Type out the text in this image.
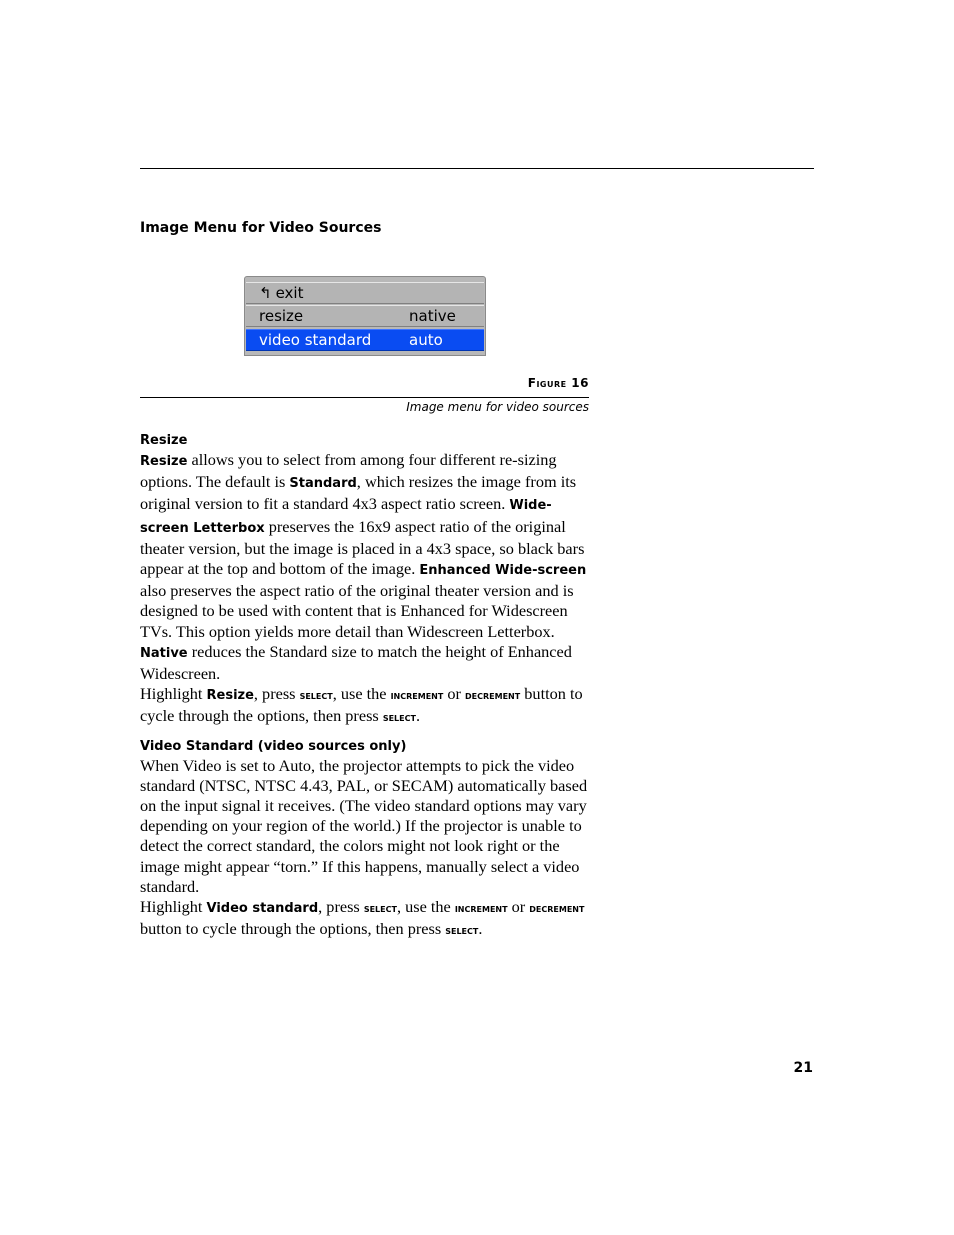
Image Menu for Video Sources
↰ exit
resize	native
video standard	auto
Figure 16
Image menu for video sources
Resize

Resize allows you to select from among four different re-sizing options. The default is Standard, which resizes the image from its original version to fit a standard 4x3 aspect ratio screen. Wide-screen Letterbox preserves the 16x9 aspect ratio of the original theater version, but the image is placed in a 4x3 space, so black bars appear at the top and bottom of the image. Enhanced Wide-screen also preserves the aspect ratio of the original theater version and is designed to be used with content that is Enhanced for Widescreen TVs. This option yields more detail than Widescreen Letterbox. Native reduces the Standard size to match the height of Enhanced Widescreen.

Highlight Resize, press select, use the increment or decrement button to cycle through the options, then press select.

Video Standard (video sources only)

When Video is set to Auto, the projector attempts to pick the video standard (NTSC, NTSC 4.43, PAL, or SECAM) automatically based on the input signal it receives. (The video standard options may vary depending on your region of the world.) If the projector is unable to detect the correct standard, the colors might not look right or the image might appear “torn.” If this happens, manually select a video standard.

Highlight Video standard, press select, use the increment or decrement button to cycle through the options, then press select.

21
